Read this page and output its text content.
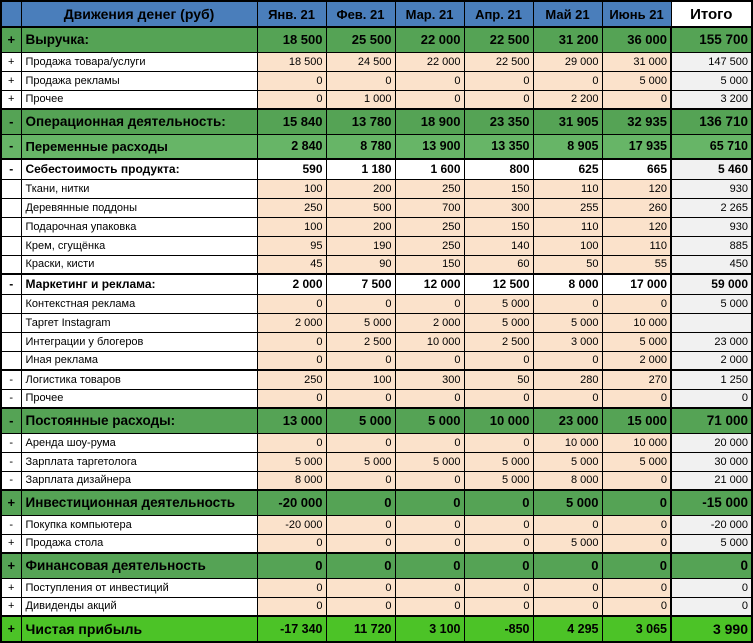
	Движения денег (руб)	Янв. 21	Фев. 21	Мар. 21	Апр. 21	Май 21	Июнь 21	Итого
+	Выручка:	18 500	25 500	22 000	22 500	31 200	36 000	155 700
+	Продажа товара/услуги	18 500	24 500	22 000	22 500	29 000	31 000	147 500
+	Продажа рекламы	0	0	0	0	0	5 000	5 000
+	Прочее	0	1 000	0	0	2 200	0	3 200
-	Операционная деятельность:	15 840	13 780	18 900	23 350	31 905	32 935	136 710
-	Переменные расходы	2 840	8 780	13 900	13 350	8 905	17 935	65 710
-	Себестоимость продукта:	590	1 180	1 600	800	625	665	5 460
	Ткани, нитки	100	200	250	150	110	120	930
	Деревянные поддоны	250	500	700	300	255	260	2 265
	Подарочная упаковка	100	200	250	150	110	120	930
	Крем, сгущёнка	95	190	250	140	100	110	885
	Краски, кисти	45	90	150	60	50	55	450
-	Маркетинг и реклама:	2 000	7 500	12 000	12 500	8 000	17 000	59 000
	Контекстная реклама	0	0	0	5 000	0	0	5 000
	Таргет Instagram	2 000	5 000	2 000	5 000	5 000	10 000	
	Интеграции у блогеров	0	2 500	10 000	2 500	3 000	5 000	23 000
	Иная реклама	0	0	0	0	0	2 000	2 000
-	Логистика товаров	250	100	300	50	280	270	1 250
-	Прочее	0	0	0	0	0	0	0
-	Постоянные расходы:	13 000	5 000	5 000	10 000	23 000	15 000	71 000
-	Аренда шоу-рума	0	0	0	0	10 000	10 000	20 000
-	Зарплата таргетолога	5 000	5 000	5 000	5 000	5 000	5 000	30 000
-	Зарплата дизайнера	8 000	0	0	5 000	8 000	0	21 000
+	Инвестиционная деятельность	-20 000	0	0	0	5 000	0	-15 000
-	Покупка компьютера	-20 000	0	0	0	0	0	-20 000
+	Продажа стола	0	0	0	0	5 000	0	5 000
+	Финансовая деятельность	0	0	0	0	0	0	0
+	Поступления от инвестиций	0	0	0	0	0	0	0
+	Дивиденды акций	0	0	0	0	0	0	0
+	Чистая прибыль	-17 340	11 720	3 100	-850	4 295	3 065	3 990
